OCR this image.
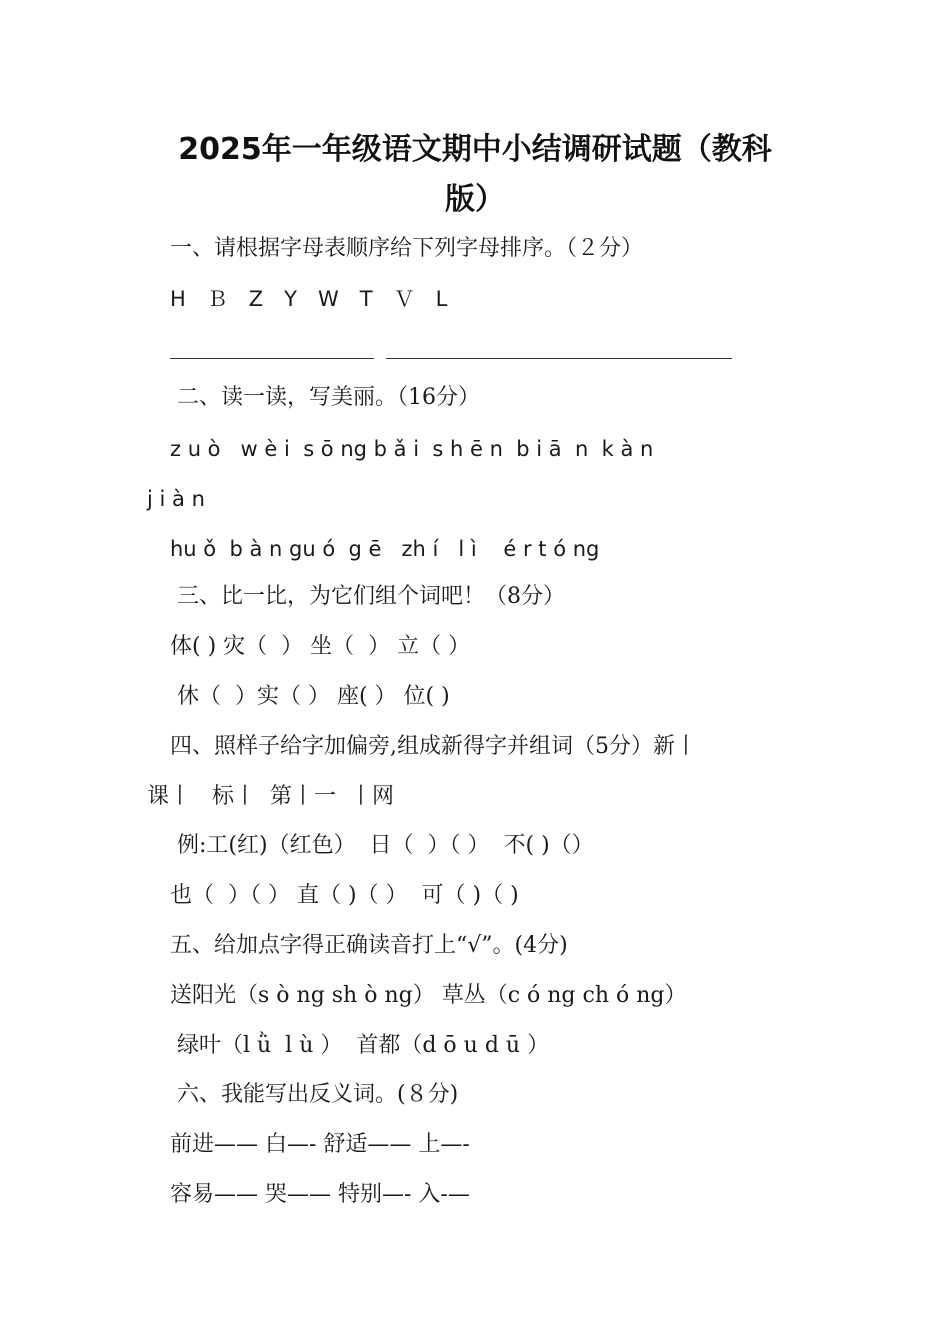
2025年一年级语文期中小结调研试题（教科
版）
一、请根据字母表顺序给下列字母排序。（２分）
H　Ｂ　Z　Y　W　T　Ｖ　L
二、读一读，写美丽。（16分）
z u ò   w è i  s ō ng b ǎ i  s h ē n  b i ā  n  k à n
j i à n
hu ǒ  b à n gu ó  g ē   zh í   l ì    é r t ó ng
三、比一比，为它们组个词吧！（8分）
体( ) 灾（  ） 坐（  ） 立（ ）
休（  ）实（ ） 座( ） 位( )
四、照样子给字加偏旁,组成新得字并组词（5分）新丨
课丨   标丨  第丨一  丨网
例:工(红)（红色）  日（  ）（ ）  不( )（）
也（  ）（ ） 直（ )（ ）  可（ )（ )
五、给加点字得正确读音打上“√”。(4分)
送阳光（s ò ng sh ò ng） 草丛（c ó ng ch ó ng）
绿叶（l ǜ  l ù ）  首都（d ō u d ū ）
六、我能写出反义词。(８分)
前进—— 白—- 舒适—— 上—-
容易—— 哭—— 特别—- 入-—
